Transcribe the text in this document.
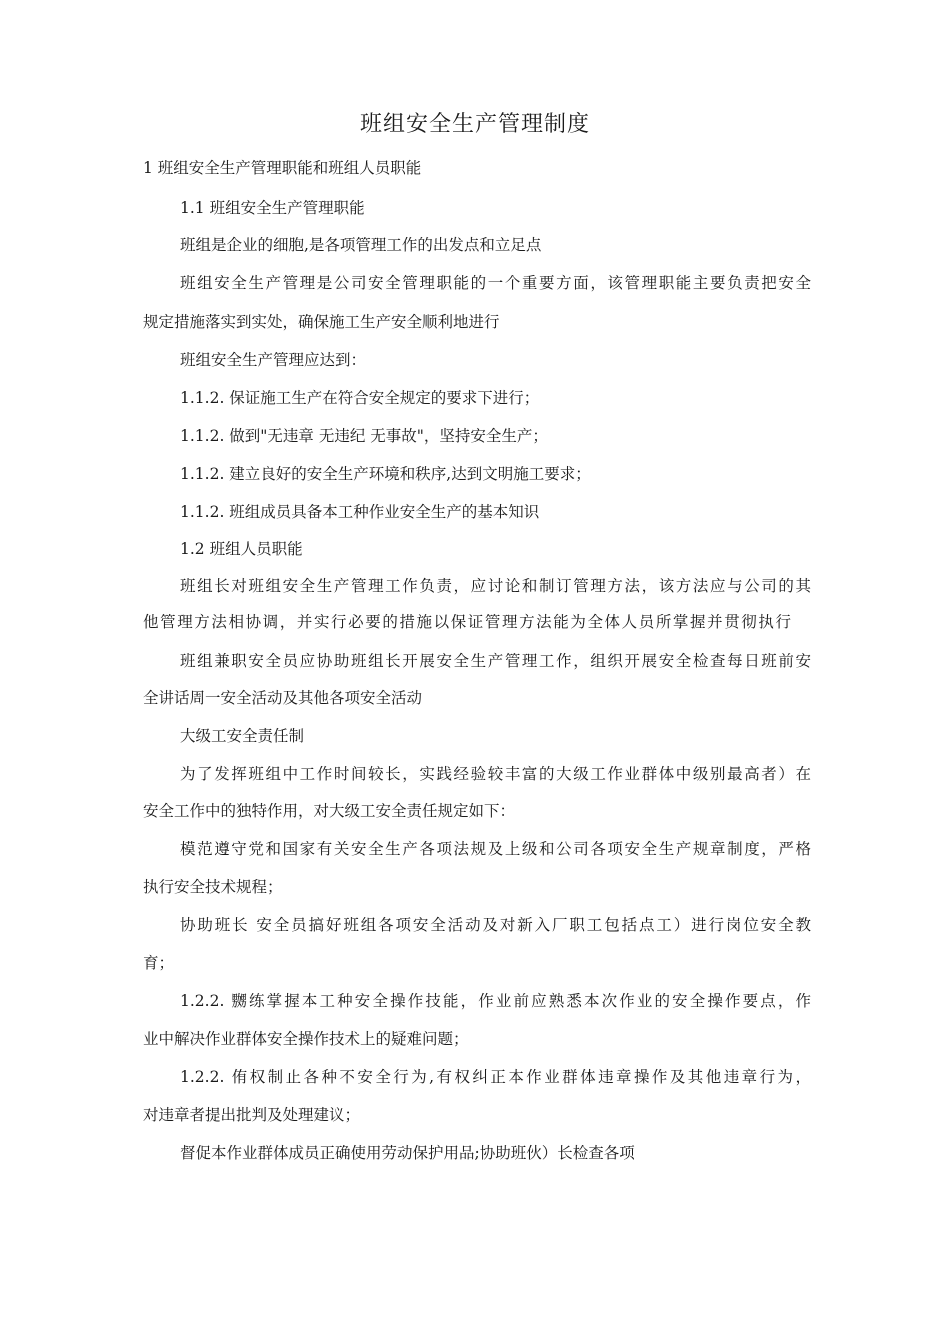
班组安全生产管理制度
1 班组安全生产管理职能和班组人员职能
1.1 班组安全生产管理职能
班组是企业的细胞,是各项管理工作的出发点和立足点
班组安全生产管理是公司安全管理职能的一个重要方面，该管理职能主要负责把安全
规定措施落实到实处，确保施工生产安全顺利地进行
班组安全生产管理应达到：
1.1.2. 保证施工生产在符合安全规定的要求下进行；
1.1.2. 做到"无违章 无违纪 无事故"，坚持安全生产；
1.1.2. 建立良好的安全生产环境和秩序,达到文明施工要求；
1.1.2. 班组成员具备本工种作业安全生产的基本知识
1.2 班组人员职能
班组长对班组安全生产管理工作负责，应讨论和制订管理方法，该方法应与公司的其
他管理方法相协调，并实行必要的措施以保证管理方法能为全体人员所掌握并贯彻执行
班组兼职安全员应协助班组长开展安全生产管理工作，组织开展安全检查每日班前安
全讲话周一安全活动及其他各项安全活动
大级工安全责任制
为了发挥班组中工作时间较长，实践经验较丰富的大级工作业群体中级别最高者）在
安全工作中的独特作用，对大级工安全责任规定如下：
模范遵守党和国家有关安全生产各项法规及上级和公司各项安全生产规章制度，严格
执行安全技术规程；
协助班长 安全员搞好班组各项安全活动及对新入厂职工包括点工）进行岗位安全教
育；
1.2.2. 嬲练掌握本工种安全操作技能，作业前应熟悉本次作业的安全操作要点，作
业中解决作业群体安全操作技术上的疑难问题；
1.2.2. 侑权制止各种不安全行为,有权纠正本作业群体违章操作及其他违章行为，
对违章者提出批判及处理建议；
督促本作业群体成员正确使用劳动保护用品;协助班伙）长检查各项
